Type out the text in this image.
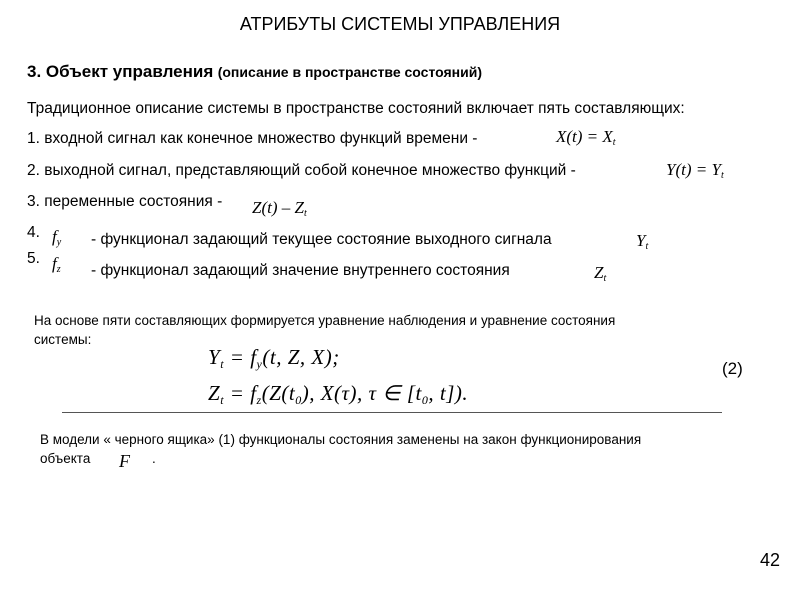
АТРИБУТЫ СИСТЕМЫ УПРАВЛЕНИЯ
3. Объект управления (описание в пространстве состояний)
Традиционное описание системы в пространстве состояний включает пять составляющих:
1. входной сигнал как конечное множество функций времени -	$X(t) = X_t$
2. выходной сигнал, представляющий собой конечное множество функций -	$Y(t) = Y_t$
3. переменные состояния - $Z(t) - Z_t$
4. $f_y$ - функционал задающий текущее состояние выходного сигнала	$Y_t$
5. $f_z$ - функционал задающий значение внутреннего состояния	$Z_t$
На основе пяти составляющих формируется уравнение наблюдения и уравнение состояния
системы:
$Y_t = f_y(t$, Z, X);	(2)
$Z_t = f_z(Z(t_0)$, X(τ), τ ∈ [$t_0$, t]).
В модели « черного ящика» (1) функционалы состояния заменены на закон функционирования
объекта F .
42
